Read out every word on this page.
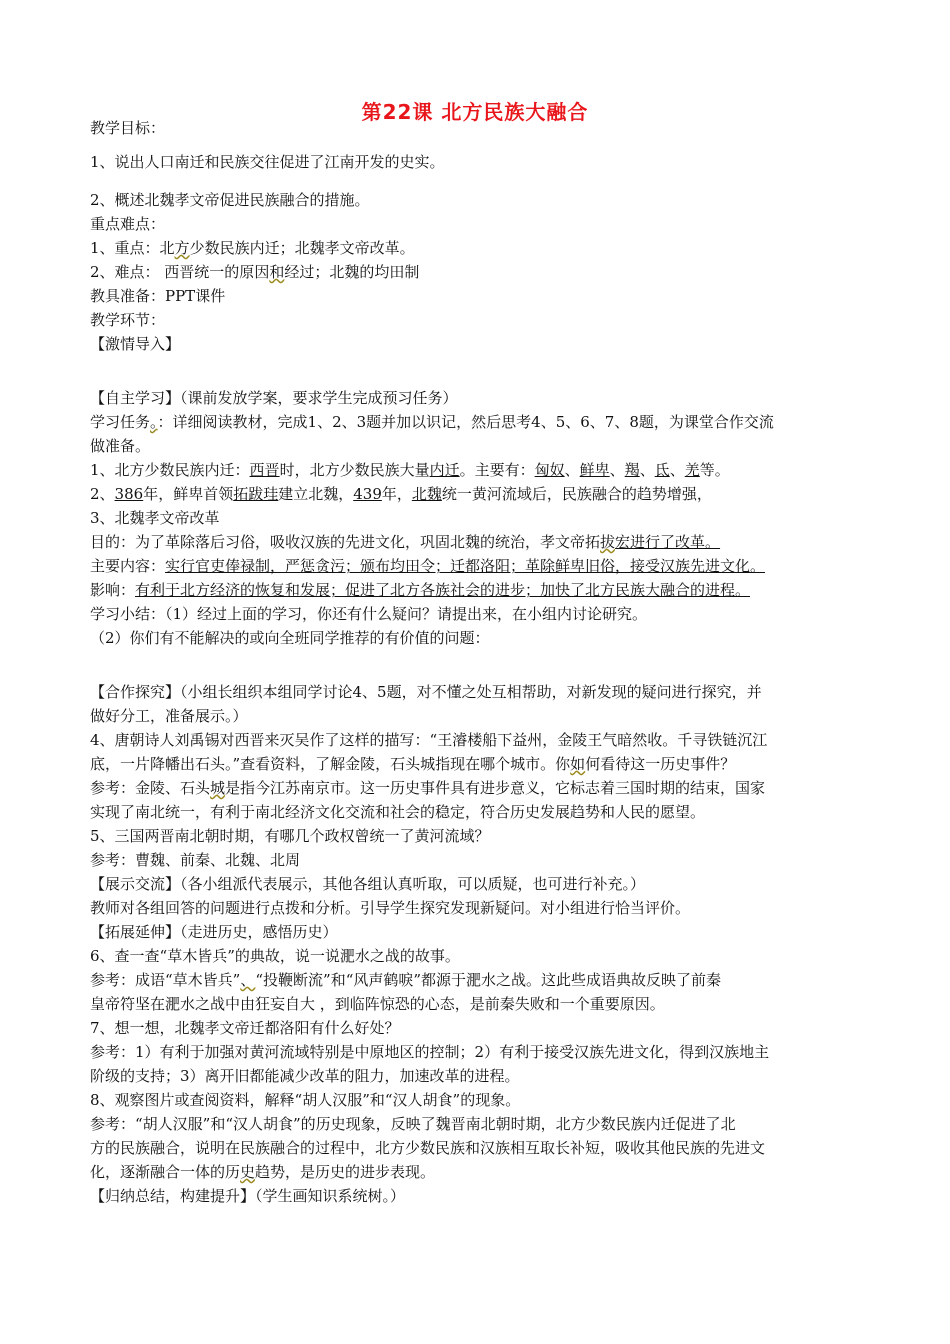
第22课 北方民族大融合
教学目标：
1、说出人口南迁和民族交往促进了江南开发的史实。
2、概述北魏孝文帝促进民族融合的措施。
重点难点：
1、重点：北方少数民族内迁；北魏孝文帝改革。
2、难点： 西晋统一的原因和经过；北魏的均田制
教具准备：PPT课件
教学环节：
【激情导入】
【自主学习】（课前发放学案，要求学生完成预习任务）
学习任务。：详细阅读教材，完成1、2、3题并加以识记，然后思考4、5、6、7、8题，为课堂合作交流
做准备。
1、北方少数民族内迁：西晋时，北方少数民族大量内迁。主要有：匈奴、鲜卑、羯、氐、羌等。
2、386年，鲜卑首领拓跋珪建立北魏，439年，北魏统一黄河流域后，民族融合的趋势增强，
3、北魏孝文帝改革
目的：为了革除落后习俗，吸收汉族的先进文化，巩固北魏的统治，孝文帝拓拔宏进行了改革。
主要内容：实行官吏俸禄制，严惩贪污；颁布均田令；迁都洛阳；革除鲜卑旧俗，接受汉族先进文化。
影响：有利于北方经济的恢复和发展；促进了北方各族社会的进步；加快了北方民族大融合的进程。
学习小结：（1）经过上面的学习，你还有什么疑问？请提出来，在小组内讨论研究。
（2）你们有不能解决的或向全班同学推荐的有价值的问题：
【合作探究】（小组长组织本组同学讨论4、5题，对不懂之处互相帮助，对新发现的疑问进行探究，并
做好分工，准备展示。）
4、唐朝诗人刘禹锡对西晋来灭吴作了这样的描写：“王濬楼船下益州，金陵王气暗然收。千寻铁链沉江
底，一片降幡出石头。”查看资料，了解金陵，石头城指现在哪个城市。你如何看待这一历史事件？
参考：金陵、石头城是指今江苏南京市。这一历史事件具有进步意义，它标志着三国时期的结束，国家
实现了南北统一，有利于南北经济文化交流和社会的稳定，符合历史发展趋势和人民的愿望。
5、三国两晋南北朝时期，有哪几个政权曾统一了黄河流域？
参考：曹魏、前秦、北魏、北周
【展示交流】（各小组派代表展示，其他各组认真听取，可以质疑，也可进行补充。）
教师对各组回答的问题进行点拨和分析。引导学生探究发现新疑问。对小组进行恰当评价。
【拓展延伸】（走进历史，感悟历史）
6、查一查“草木皆兵”的典故，说一说淝水之战的故事。
参考：成语“草木皆兵”、“投鞭断流”和“风声鹤唳”都源于淝水之战。这此些成语典故反映了前秦
皇帝符坚在淝水之战中由狂妄自大 ，到临阵惊恐的心态，是前秦失败和一个重要原因。
7、想一想，北魏孝文帝迁都洛阳有什么好处？
参考：1）有利于加强对黄河流域特别是中原地区的控制；2）有利于接受汉族先进文化，得到汉族地主
阶级的支持；3）离开旧都能减少改革的阻力，加速改革的进程。
8、观察图片或查阅资料，解释“胡人汉服”和“汉人胡食”的现象。
参考：“胡人汉服”和“汉人胡食”的历史现象，反映了魏晋南北朝时期，北方少数民族内迁促进了北
方的民族融合，说明在民族融合的过程中，北方少数民族和汉族相互取长补短，吸收其他民族的先进文
化，逐渐融合一体的历史趋势，是历史的进步表现。
【归纳总结，构建提升】（学生画知识系统树。）
